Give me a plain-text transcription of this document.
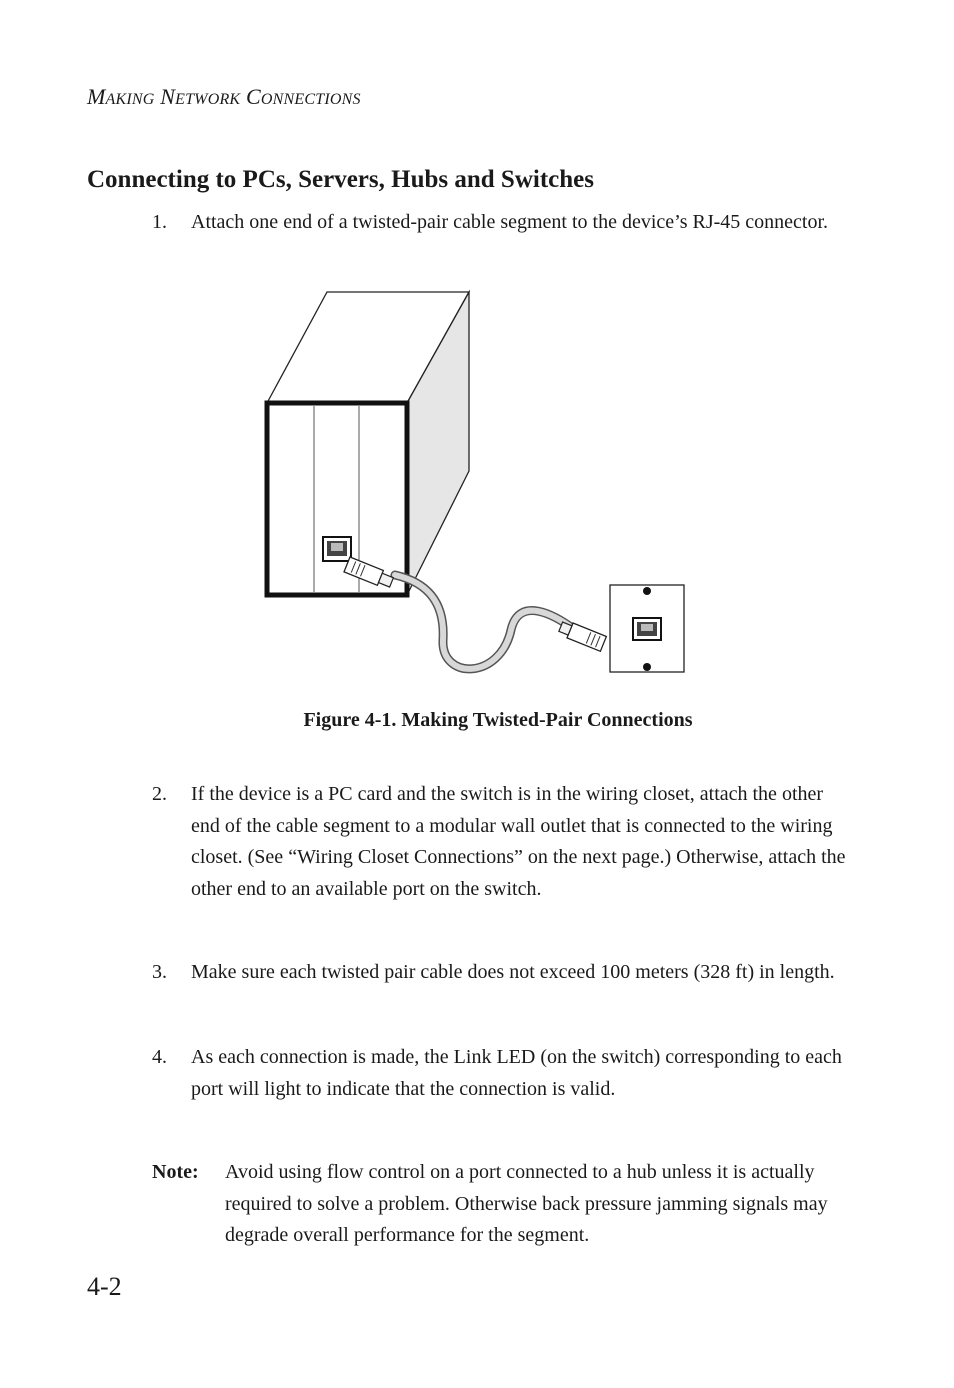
MAKING NETWORK CONNECTIONS
Connecting to PCs, Servers, Hubs and Switches
1. Attach one end of a twisted-pair cable segment to the device’s RJ-45 connector.
Figure 4-1. Making Twisted-Pair Connections
2. If the device is a PC card and the switch is in the wiring closet, attach the other end of the cable segment to a modular wall outlet that is connected to the wiring closet. (See “Wiring Closet Connections” on the next page.) Otherwise, attach the other end to an available port on the switch.
3. Make sure each twisted pair cable does not exceed 100 meters (328 ft) in length.
4. As each connection is made, the Link LED (on the switch) corresponding to each port will light to indicate that the connection is valid.
Note: Avoid using flow control on a port connected to a hub unless it is actually required to solve a problem. Otherwise back pressure jamming signals may degrade overall performance for the segment.
4-2
